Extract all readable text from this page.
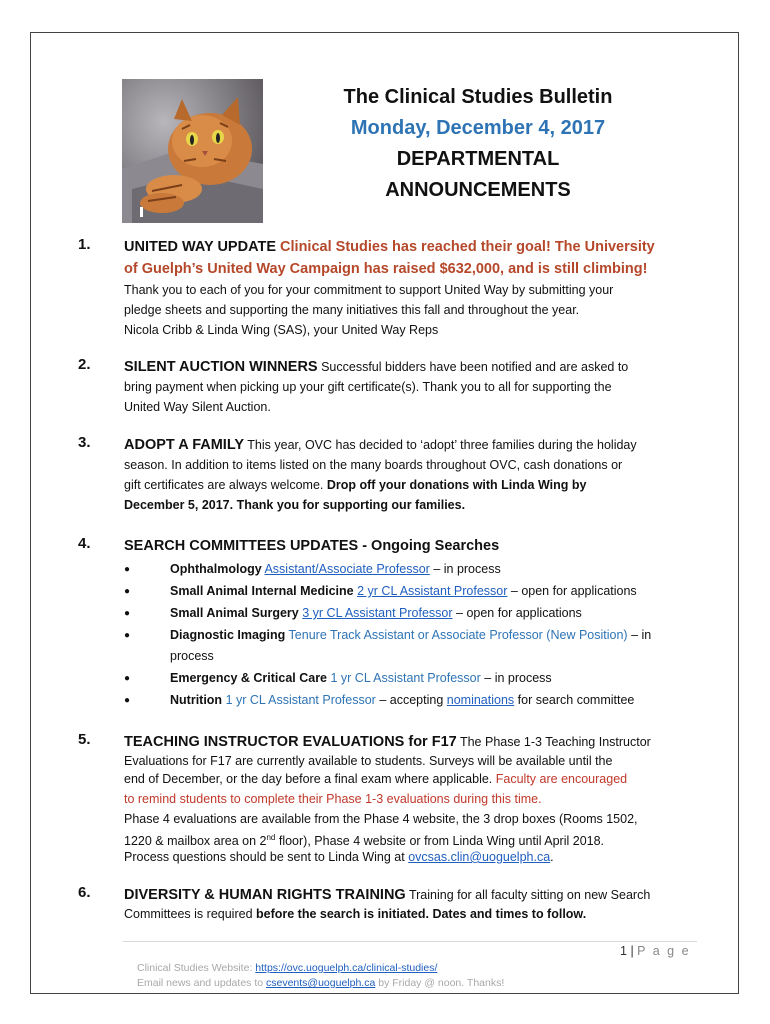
The Clinical Studies Bulletin
Monday, December 4, 2017
DEPARTMENTAL
ANNOUNCEMENTS
1. UNITED WAY UPDATE Clinical Studies has reached their goal! The University
of Guelph’s United Way Campaign has raised $632,000, and is still climbing!
Thank you to each of you for your commitment to support United Way by submitting your
pledge sheets and supporting the many initiatives this fall and throughout the year.
Nicola Cribb & Linda Wing (SAS), your United Way Reps
2. SILENT AUCTION WINNERS Successful bidders have been notified and are asked to
bring payment when picking up your gift certificate(s). Thank you to all for supporting the
United Way Silent Auction.
3. ADOPT A FAMILY This year, OVC has decided to ‘adopt’ three families during the holiday
season. In addition to items listed on the many boards throughout OVC, cash donations or
gift certificates are always welcome. Drop off your donations with Linda Wing by
December 5, 2017. Thank you for supporting our families.
4. SEARCH COMMITTEES UPDATES - Ongoing Searches
●	Ophthalmology Assistant/Associate Professor – in process
●	Small Animal Internal Medicine 2 yr CL Assistant Professor – open for applications
●	Small Animal Surgery 3 yr CL Assistant Professor – open for applications
●	Diagnostic Imaging Tenure Track Assistant or Associate Professor (New Position) – in
process
●	Emergency & Critical Care 1 yr CL Assistant Professor – in process
●	Nutrition 1 yr CL Assistant Professor – accepting nominations for search committee
5. TEACHING INSTRUCTOR EVALUATIONS for F17 The Phase 1-3 Teaching Instructor
Evaluations for F17 are currently available to students. Surveys will be available until the
end of December, or the day before a final exam where applicable. Faculty are encouraged
to remind students to complete their Phase 1-3 evaluations during this time.
Phase 4 evaluations are available from the Phase 4 website, the 3 drop boxes (Rooms 1502,
1220 & mailbox area on 2nd floor), Phase 4 website or from Linda Wing until April 2018.
Process questions should be sent to Linda Wing at ovcsas.clin@uoguelph.ca.
6. DIVERSITY & HUMAN RIGHTS TRAINING Training for all faculty sitting on new Search
Committees is required before the search is initiated. Dates and times to follow.
1 | P a g e
Clinical Studies Website: https://ovc.uoguelph.ca/clinical-studies/
Email news and updates to csevents@uoguelph.ca by Friday @ noon. Thanks!
